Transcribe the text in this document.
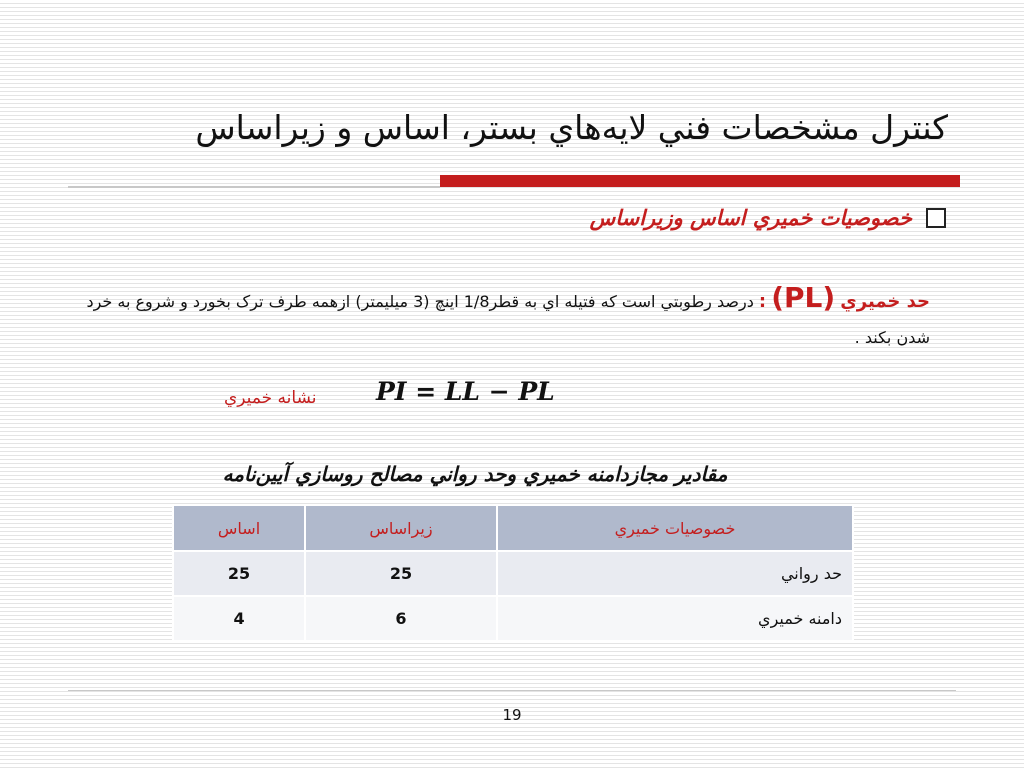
كنترل مشخصات فني لايه‌هاي بستر، اساس و زيراساس
خصوصيات خميري اساس وزيراساس
حد خميري (PL) : درصد رطوبتي است كه فتيله اي به قطر1/8 اينچ (3 ميليمتر) ازهمه طرف ترک بخورد و شروع به خرد شدن بكند .
نشانه خميري PI = LL − PL
مقادير مجازدامنه خميري وحد رواني مصالح روسازي آيين‌نامه
خصوصيات خميري	زيراساس	اساس
حد رواني	25	25
دامنه خميري	6	4
19
